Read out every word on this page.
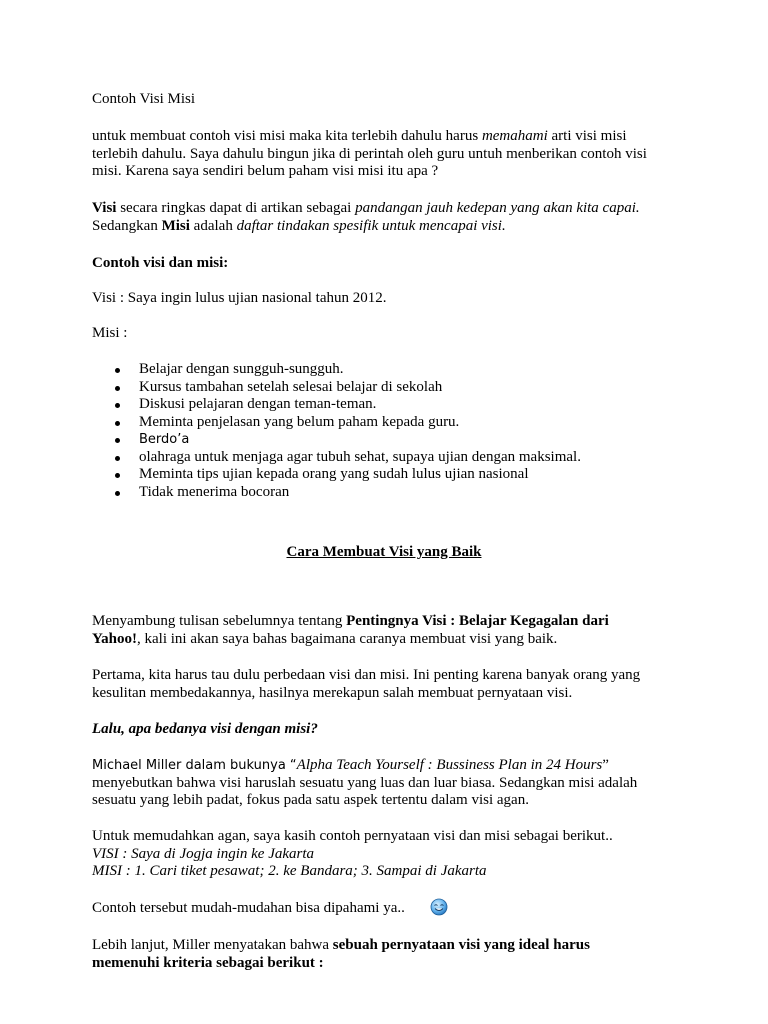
Contoh Visi Misi

untuk membuat contoh visi misi maka kita terlebih dahulu harus memahami arti visi misi
terlebih dahulu. Saya dahulu bingun jika di perintah oleh guru untuh menberikan contoh visi
misi. Karena saya sendiri belum paham visi misi itu apa ?

Visi secara ringkas dapat di artikan sebagai pandangan jauh kedepan yang akan kita capai.
Sedangkan Misi adalah daftar tindakan spesifik untuk mencapai visi.

Contoh visi dan misi:

Visi : Saya ingin lulus ujian nasional tahun 2012.

Misi :

Belajar dengan sungguh-sungguh.
Kursus tambahan setelah selesai belajar di sekolah
Diskusi pelajaran dengan teman-teman.
Meminta penjelasan yang belum paham kepada guru.
Berdo’a
olahraga untuk menjaga agar tubuh sehat, supaya ujian dengan maksimal.
Meminta tips ujian kepada orang yang sudah lulus ujian nasional
Tidak menerima bocoran
Cara Membuat Visi yang Baik

Menyambung tulisan sebelumnya tentang Pentingnya Visi : Belajar Kegagalan dari
Yahoo!, kali ini akan saya bahas bagaimana caranya membuat visi yang baik.

Pertama, kita harus tau dulu perbedaan visi dan misi. Ini penting karena banyak orang yang
kesulitan membedakannya, hasilnya merekapun salah membuat pernyataan visi.

Lalu, apa bedanya visi dengan misi?

Michael Miller dalam bukunya “Alpha Teach Yourself : Bussiness Plan in 24 Hours”
menyebutkan bahwa visi haruslah sesuatu yang luas dan luar biasa. Sedangkan misi adalah
sesuatu yang lebih padat, fokus pada satu aspek tertentu dalam visi agan.

Untuk memudahkan agan, saya kasih contoh pernyataan visi dan misi sebagai berikut..
VISI : Saya di Jogja ingin ke Jakarta
MISI : 1. Cari tiket pesawat; 2. ke Bandara; 3. Sampai di Jakarta

Contoh tersebut mudah-mudahan bisa dipahami ya..

Lebih lanjut, Miller menyatakan bahwa sebuah pernyataan visi yang ideal harus
memenuhi kriteria sebagai berikut :
